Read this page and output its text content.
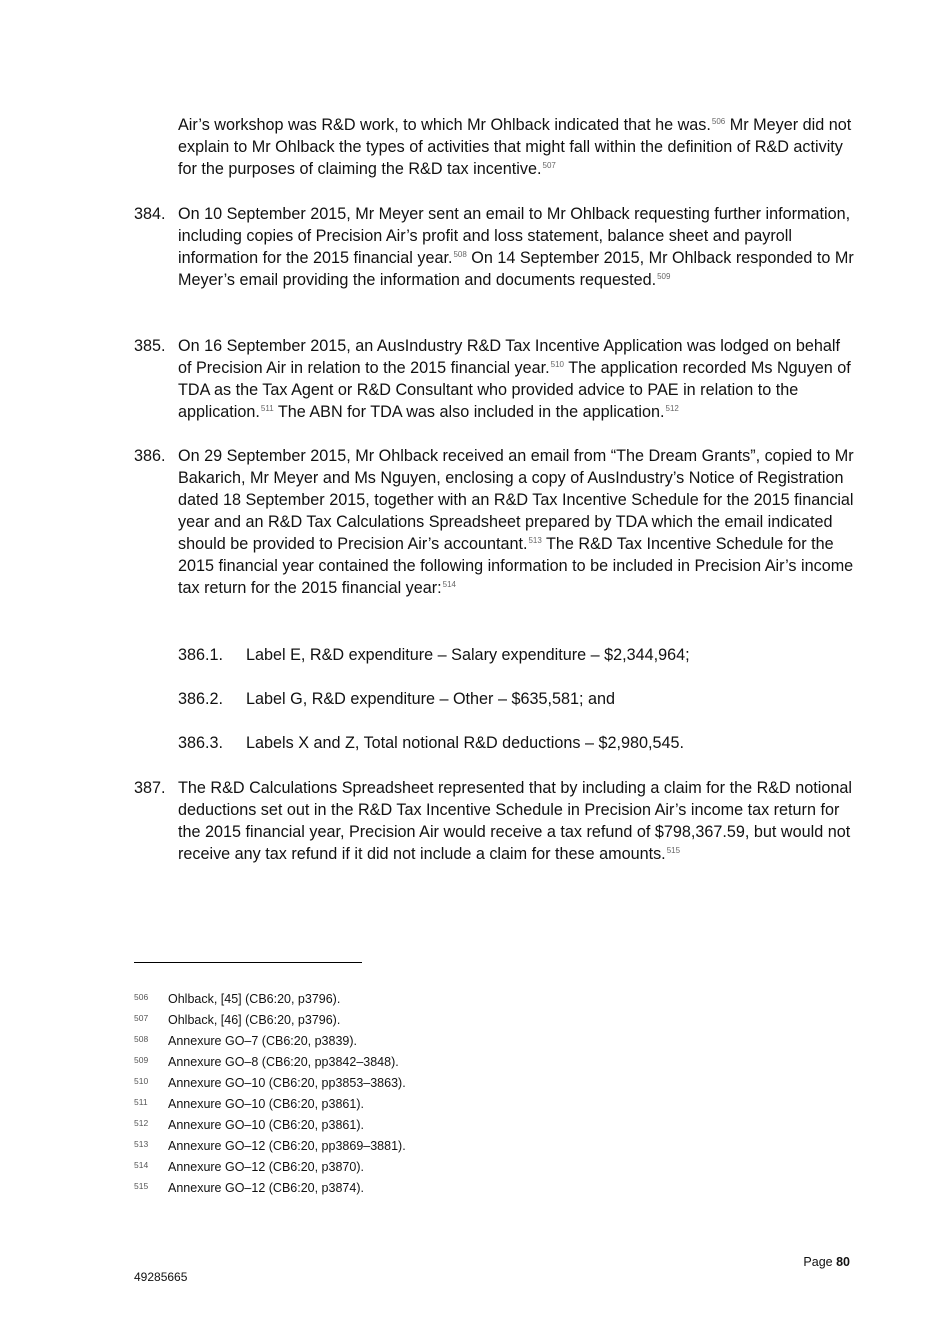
Air’s workshop was R&D work, to which Mr Ohlback indicated that he was.$^{506}$ Mr Meyer did not explain to Mr Ohlback the types of activities that might fall within the definition of R&D activity for the purposes of claiming the R&D tax incentive.$^{507}$

384. On 10 September 2015, Mr Meyer sent an email to Mr Ohlback requesting further information, including copies of Precision Air’s profit and loss statement, balance sheet and payroll information for the 2015 financial year.$^{508}$ On 14 September 2015, Mr Ohlback responded to Mr Meyer’s email providing the information and documents requested.$^{509}$

385. On 16 September 2015, an AusIndustry R&D Tax Incentive Application was lodged on behalf of Precision Air in relation to the 2015 financial year.$^{510}$ The application recorded Ms Nguyen of TDA as the Tax Agent or R&D Consultant who provided advice to PAE in relation to the application.$^{511}$ The ABN for TDA was also included in the application.$^{512}$

386. On 29 September 2015, Mr Ohlback received an email from “The Dream Grants”, copied to Mr Bakarich, Mr Meyer and Ms Nguyen, enclosing a copy of AusIndustry’s Notice of Registration dated 18 September 2015, together with an R&D Tax Incentive Schedule for the 2015 financial year and an R&D Tax Calculations Spreadsheet prepared by TDA which the email indicated should be provided to Precision Air’s accountant.$^{513}$ The R&D Tax Incentive Schedule for the 2015 financial year contained the following information to be included in Precision Air’s income tax return for the 2015 financial year:$^{514}$

386.1. Label E, R&D expenditure – Salary expenditure – $2,344,964;
386.2. Label G, R&D expenditure – Other – $635,581; and
386.3. Labels X and Z, Total notional R&D deductions – $2,980,545.
387. The R&D Calculations Spreadsheet represented that by including a claim for the R&D notional deductions set out in the R&D Tax Incentive Schedule in Precision Air’s income tax return for the 2015 financial year, Precision Air would receive a tax refund of $798,367.59, but would not receive any tax refund if it did not include a claim for these amounts.$^{515}$

506 Ohlback, [45] (CB6:20, p3796).
507 Ohlback, [46] (CB6:20, p3796).
508 Annexure GO–7 (CB6:20, p3839).
509 Annexure GO–8 (CB6:20, pp3842–3848).
510 Annexure GO–10 (CB6:20, pp3853–3863).
511 Annexure GO–10 (CB6:20, p3861).
512 Annexure GO–10 (CB6:20, p3861).
513 Annexure GO–12 (CB6:20, pp3869–3881).
514 Annexure GO–12 (CB6:20, p3870).
515 Annexure GO–12 (CB6:20, p3874).
Page 80
49285665
